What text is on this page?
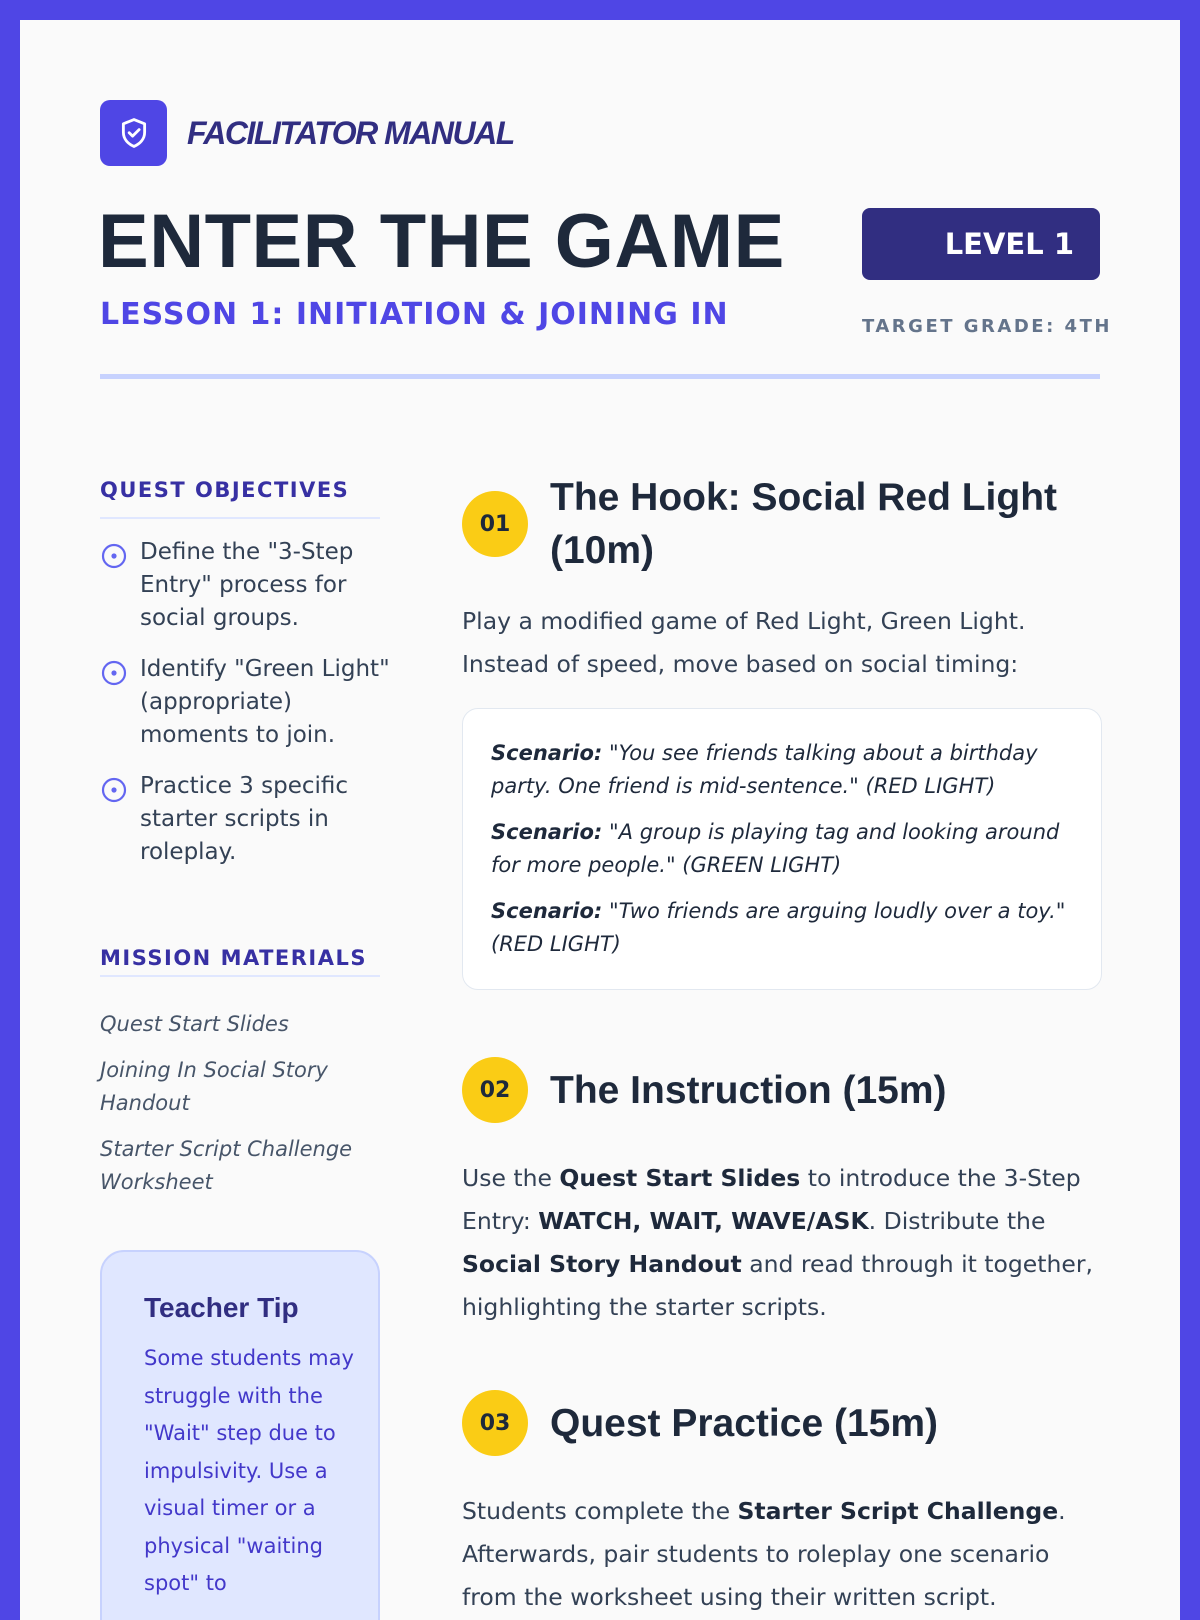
FACILITATOR MANUAL
ENTER THE GAME
LESSON 1: INITIATION & JOINING IN
LEVEL 1
TARGET GRADE: 4TH
QUEST OBJECTIVES
Define the "3-Step Entry" process for social groups.
Identify "Green Light" (appropriate) moments to join.
Practice 3 specific starter scripts in roleplay.
MISSION MATERIALS
Quest Start Slides
Joining In Social Story Handout
Starter Script Challenge Worksheet
Teacher Tip
Some students may struggle with the "Wait" step due to impulsivity. Use a visual timer or a physical "waiting spot" to
01
The Hook: Social Red Light (10m)

Play a modified game of Red Light, Green Light. Instead of speed, move based on social timing:

Scenario: "You see friends talking about a birthday party. One friend is mid-sentence." (RED LIGHT)
Scenario: "A group is playing tag and looking around for more people." (GREEN LIGHT)
Scenario: "Two friends are arguing loudly over a toy." (RED LIGHT)
02	The Instruction (15m)

Use the Quest Start Slides to introduce the 3-Step Entry: WATCH, WAIT, WAVE/ASK. Distribute the Social Story Handout and read through it together, highlighting the starter scripts.

03	Quest Practice (15m)

Students complete the Starter Script Challenge. Afterwards, pair students to roleplay one scenario from the worksheet using their written script.
